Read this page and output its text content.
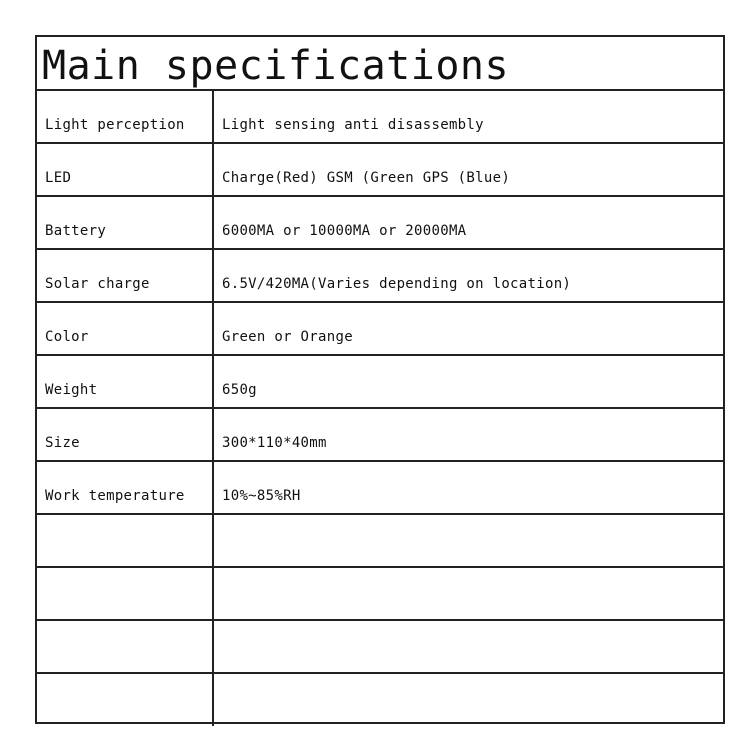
Main specifications
Light perception	Light sensing anti disassembly
LED	Charge(Red) GSM (Green GPS (Blue)
Battery	6000MA or 10000MA or 20000MA
Solar charge	6.5V/420MA(Varies depending on location)
Color	Green or Orange
Weight	650g
Size	300*110*40mm
Work temperature	10%~85%RH
